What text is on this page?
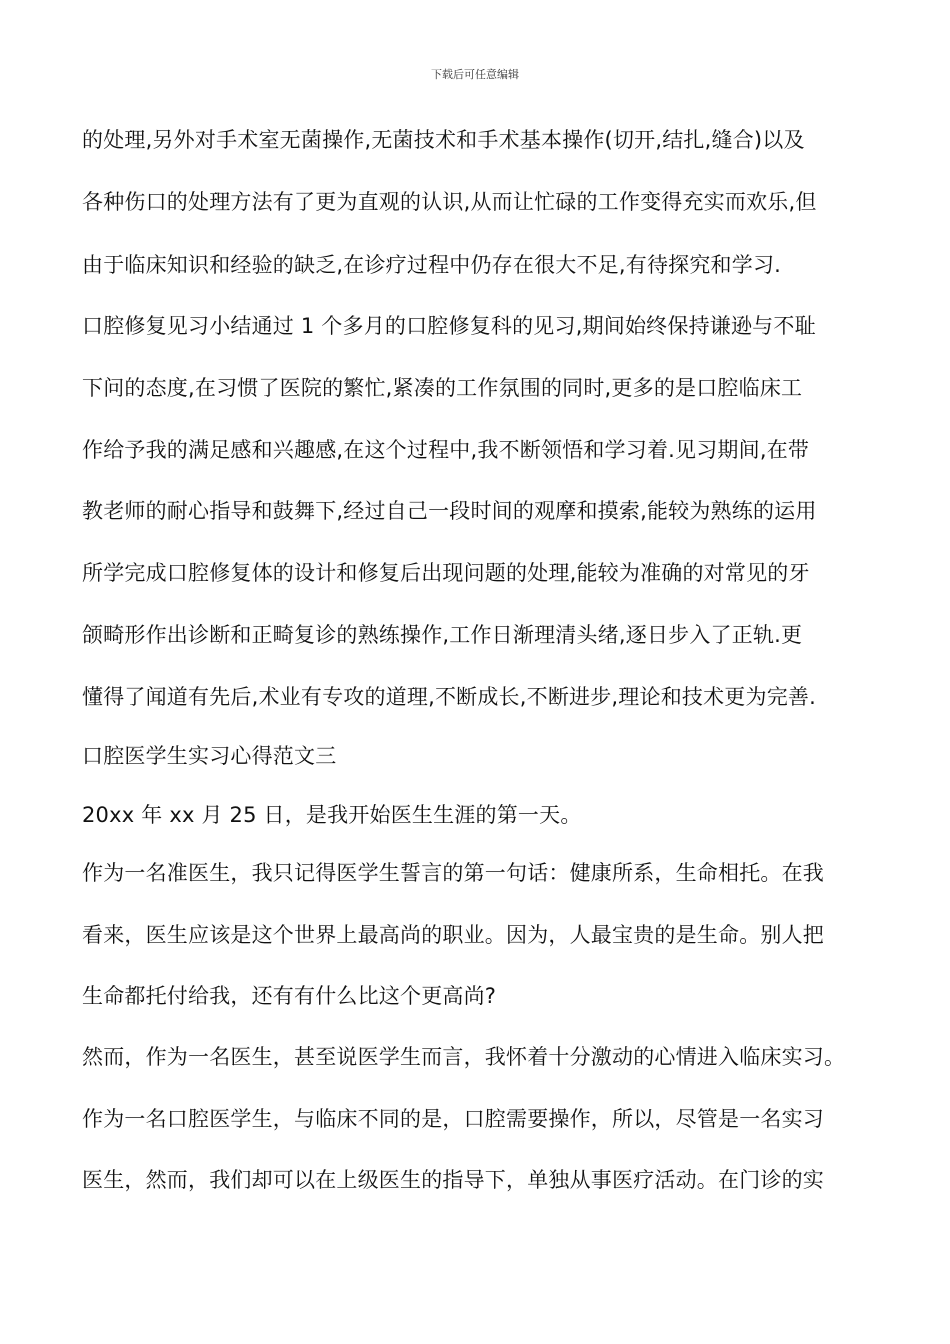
下载后可任意编辑
的处理,另外对手术室无菌操作,无菌技术和手术基本操作(切开,结扎,缝合)以及
各种伤口的处理方法有了更为直观的认识,从而让忙碌的工作变得充实而欢乐,但
由于临床知识和经验的缺乏,在诊疗过程中仍存在很大不足,有待探究和学习.
口腔修复见习小结通过 1 个多月的口腔修复科的见习,期间始终保持谦逊与不耻
下问的态度,在习惯了医院的繁忙,紧凑的工作氛围的同时,更多的是口腔临床工
作给予我的满足感和兴趣感,在这个过程中,我不断领悟和学习着.见习期间,在带
教老师的耐心指导和鼓舞下,经过自己一段时间的观摩和摸索,能较为熟练的运用
所学完成口腔修复体的设计和修复后出现问题的处理,能较为准确的对常见的牙
颌畸形作出诊断和正畸复诊的熟练操作,工作日渐理清头绪,逐日步入了正轨.更
懂得了闻道有先后,术业有专攻的道理,不断成长,不断进步,理论和技术更为完善.
口腔医学生实习心得范文三
20xx 年 xx 月 25 日，是我开始医生生涯的第一天。
作为一名准医生，我只记得医学生誓言的第一句话：健康所系，生命相托。在我
看来，医生应该是这个世界上最高尚的职业。因为，人最宝贵的是生命。别人把
生命都托付给我，还有有什么比这个更高尚?
然而，作为一名医生，甚至说医学生而言，我怀着十分激动的心情进入临床实习。
作为一名口腔医学生，与临床不同的是，口腔需要操作，所以，尽管是一名实习
医生，然而，我们却可以在上级医生的指导下，单独从事医疗活动。在门诊的实
